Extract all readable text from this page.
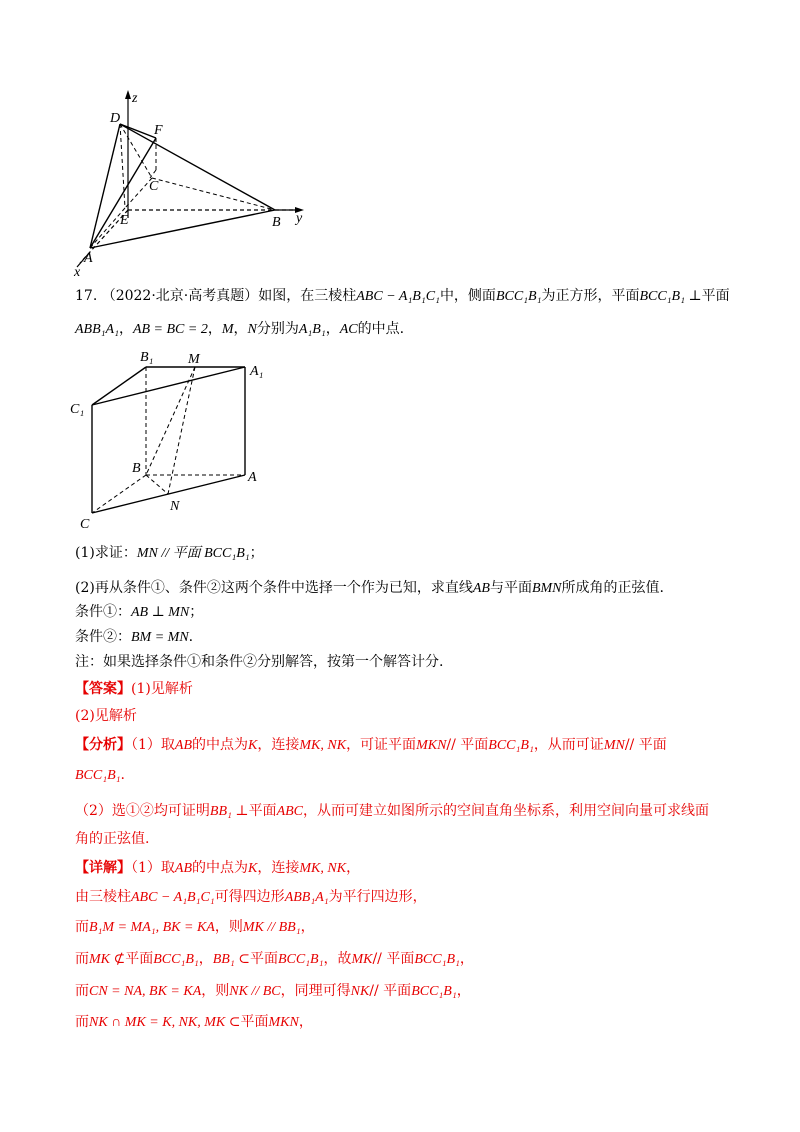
z
D
F
C
E	B y
A
x
17. （2022·北京·高考真题）如图，在三棱柱ABC − A₁B₁C₁中，侧面BCC₁B₁为正方形，平面BCC₁B₁ ⊥平面
ABB₁A₁，AB = BC = 2，M，N分别为A₁B₁，AC的中点.
B₁ M
A₁
C₁
B
A
N
C
(1)求证：MN // 平面 BCC₁B₁；
(2)再从条件①、条件②这两个条件中选择一个作为已知，求直线AB与平面BMN所成角的正弦值.
条件①：AB ⊥ MN；
条件②：BM = MN.
注：如果选择条件①和条件②分别解答，按第一个解答计分.
【答案】(1)见解析
(2)见解析
【分析】（1）取AB的中点为K，连接MK, NK，可证平面MKN// 平面BCC₁B₁，从而可证MN// 平面
BCC₁B₁.
（2）选①②均可证明BB₁ ⊥平面ABC，从而可建立如图所示的空间直角坐标系，利用空间向量可求线面
角的正弦值.
【详解】（1）取AB的中点为K，连接MK, NK，
由三棱柱ABC − A₁B₁C₁可得四边形ABB₁A₁为平行四边形，
而B₁M = MA₁, BK = KA，则MK // BB₁，
而MK ⊄平面BCC₁B₁，BB₁ ⊂平面BCC₁B₁，故MK// 平面BCC₁B₁，
而CN = NA, BK = KA，则NK // BC，同理可得NK// 平面BCC₁B₁，
而NK ∩ MK = K, NK, MK ⊂平面MKN，
